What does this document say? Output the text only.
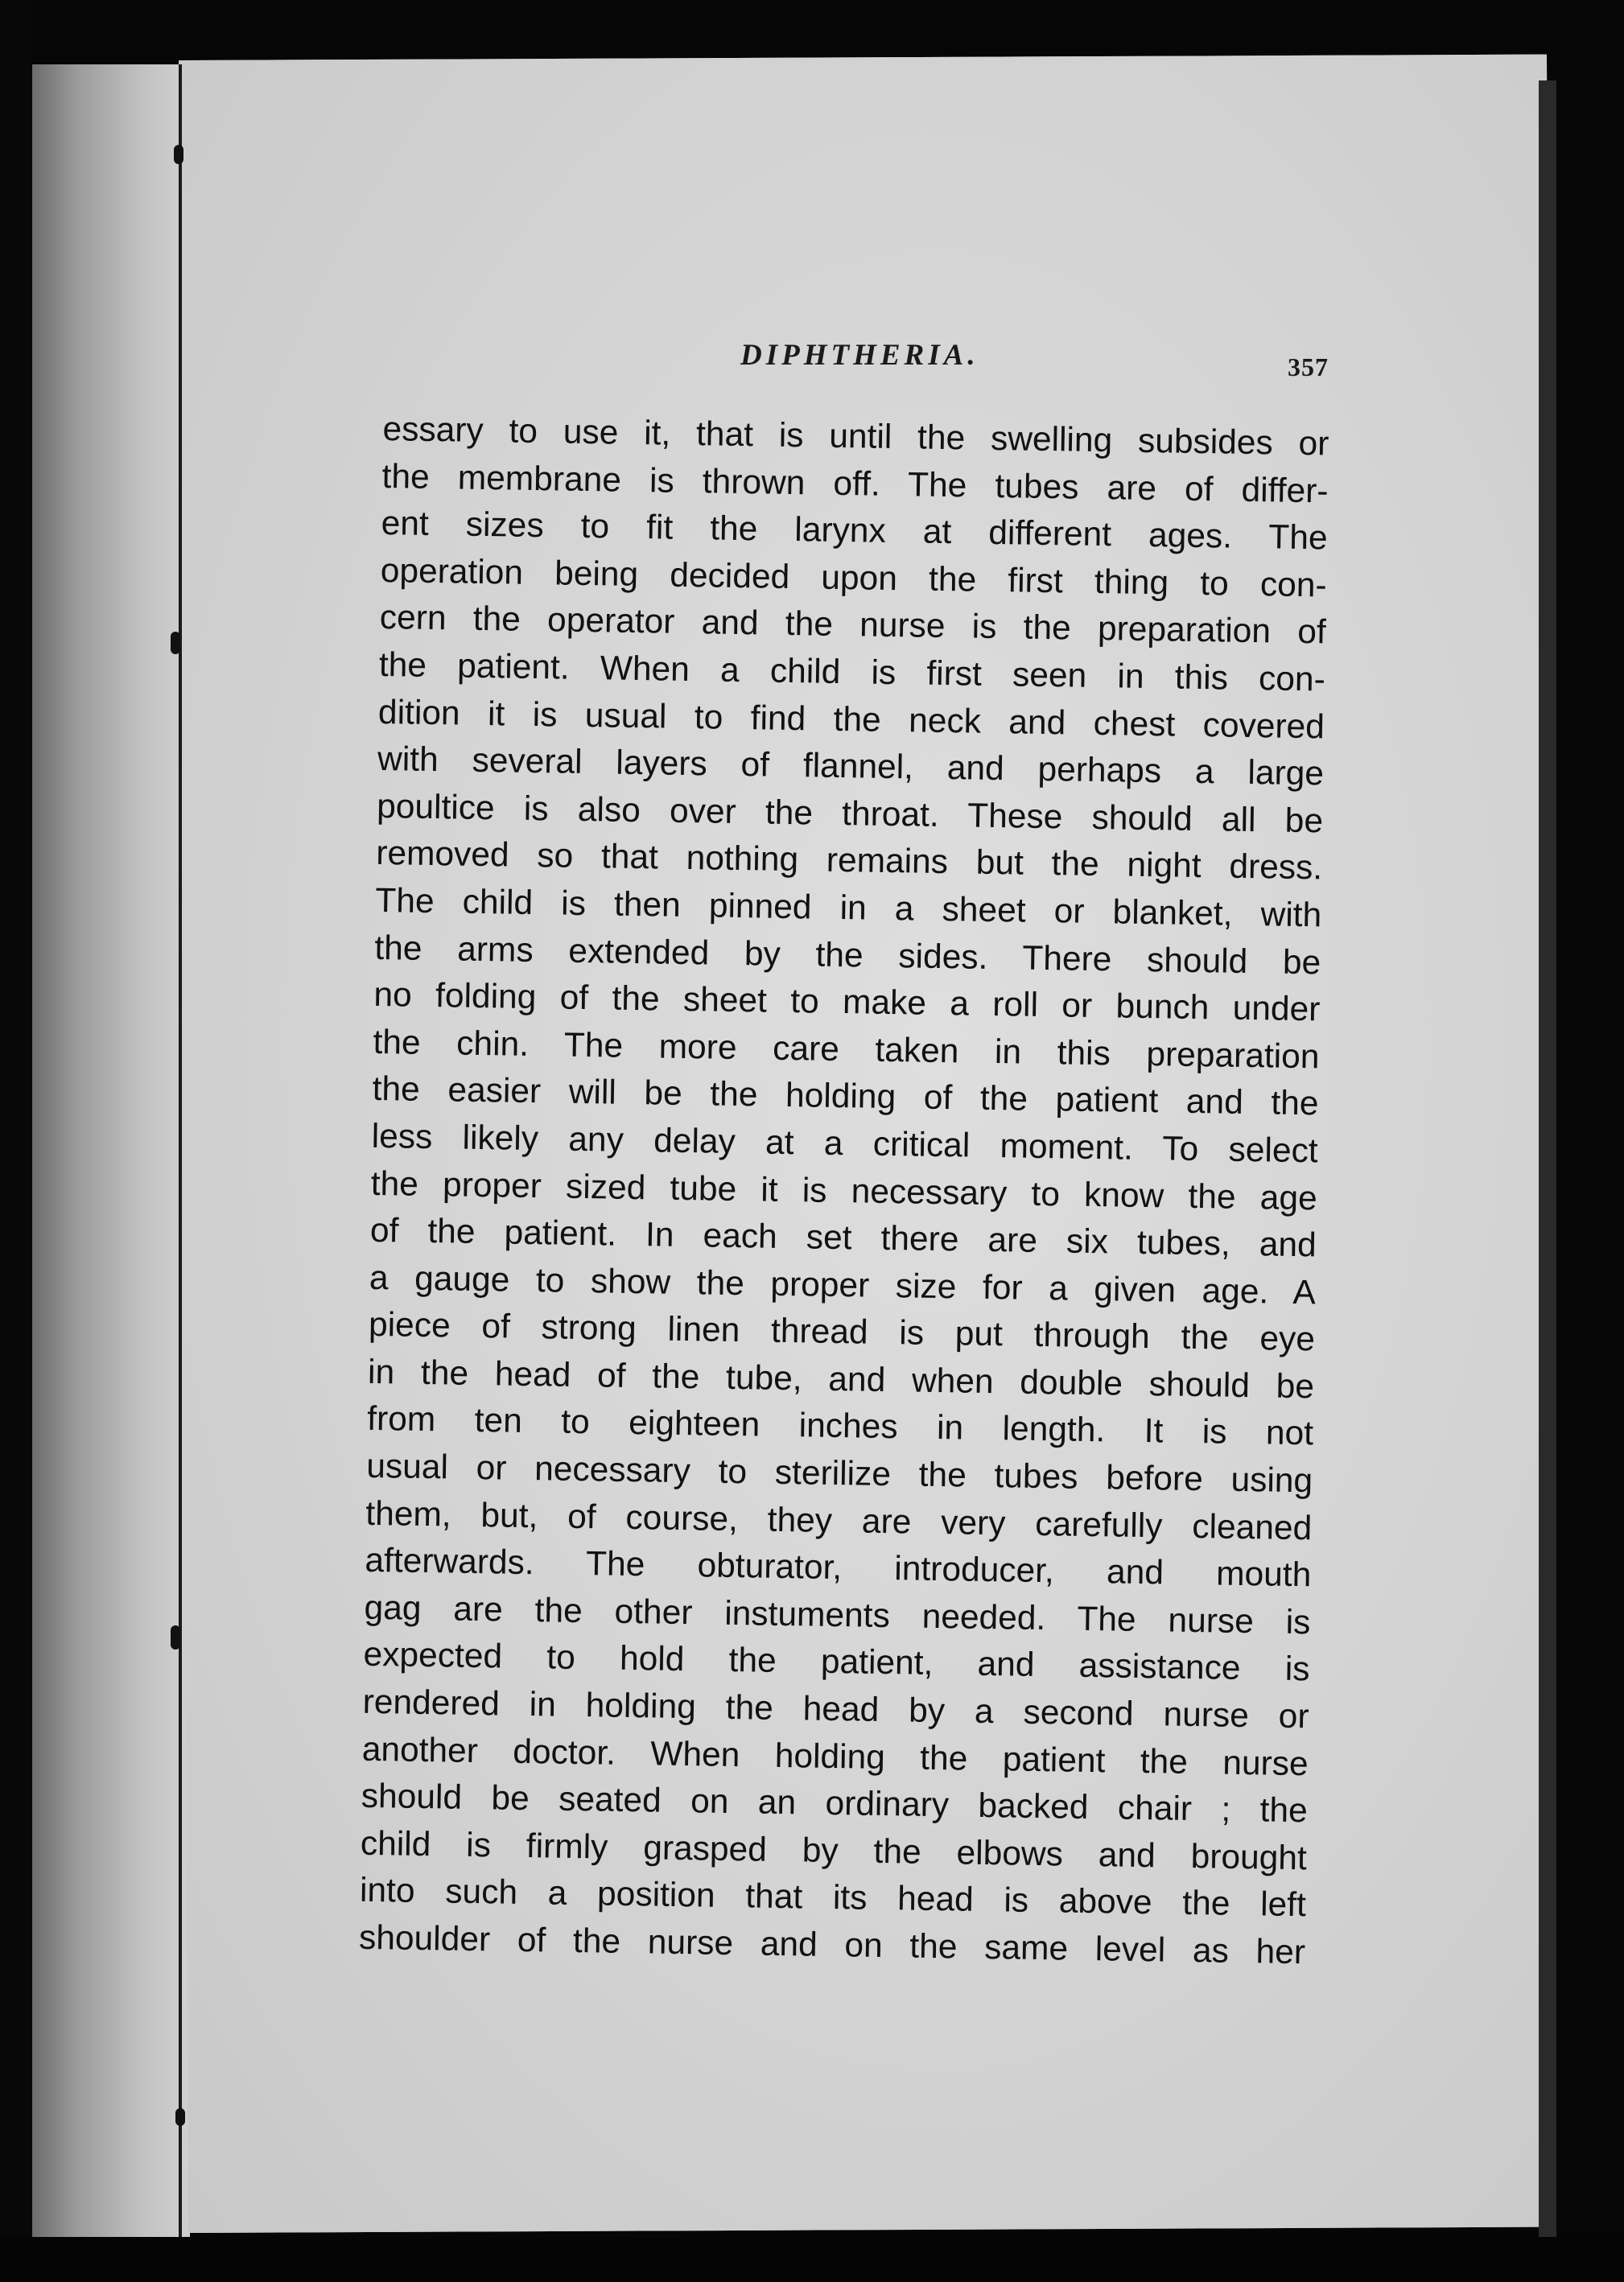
DIPHTHERIA.	357
essary to use it, that is until the swelling subsides or
the membrane is thrown off. The tubes are of differ-
ent sizes to fit the larynx at different ages. The
operation being decided upon the first thing to con-
cern the operator and the nurse is the preparation of
the patient. When a child is first seen in this con-
dition it is usual to find the neck and chest covered
with several layers of flannel, and perhaps a large
poultice is also over the throat. These should all be
removed so that nothing remains but the night dress.
The child is then pinned in a sheet or blanket, with
the arms extended by the sides. There should be
no folding of the sheet to make a roll or bunch under
the chin. The more care taken in this preparation
the easier will be the holding of the patient and the
less likely any delay at a critical moment. To select
the proper sized tube it is necessary to know the age
of the patient. In each set there are six tubes, and
a gauge to show the proper size for a given age. A
piece of strong linen thread is put through the eye
in the head of the tube, and when double should be
from ten to eighteen inches in length. It is not
usual or necessary to sterilize the tubes before using
them, but, of course, they are very carefully cleaned
afterwards. The obturator, introducer, and mouth
gag are the other instuments needed. The nurse is
expected to hold the patient, and assistance is
rendered in holding the head by a second nurse or
another doctor. When holding the patient the nurse
should be seated on an ordinary backed chair ; the
child is firmly grasped by the elbows and brought
into such a position that its head is above the left
shoulder of the nurse and on the same level as her
